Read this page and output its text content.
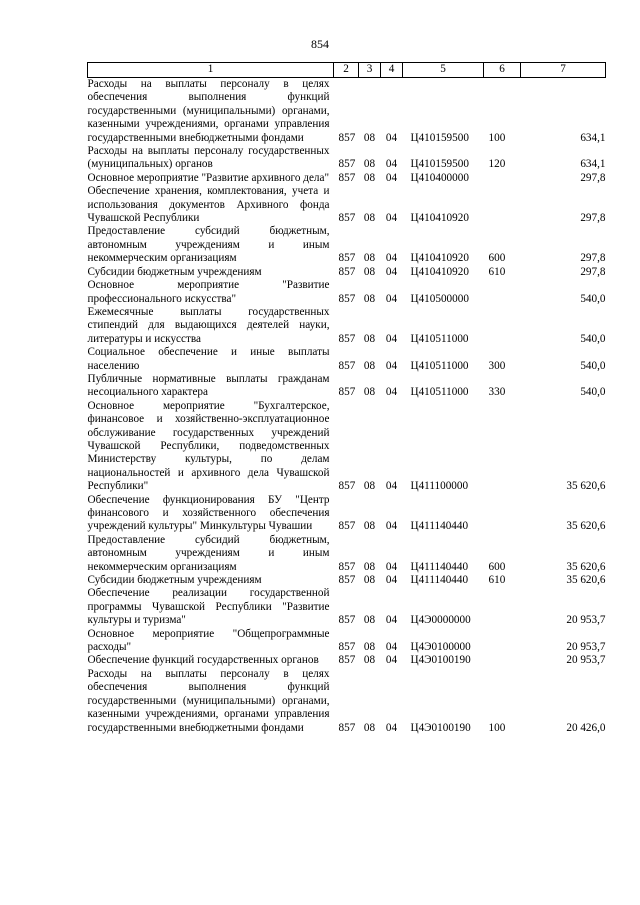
854
1	2	3	4	5	6	7
Расходы на выплаты персоналу в целях обеспечения выполнения функций государственными (муниципальными) органами, казенными учреждениями, органами управления государственными внебюджетными фондами	857	08	04	Ц410159500	100	634,1
Расходы на выплаты персоналу государственных (муниципальных) органов	857	08	04	Ц410159500	120	634,1
Основное мероприятие "Развитие архивного дела"	857	08	04	Ц410400000		297,8
Обеспечение хранения, комплектования, учета и использования документов Архивного фонда Чувашской Республики	857	08	04	Ц410410920		297,8
Предоставление субсидий бюджетным, автономным учреждениям и иным некоммерческим организациям	857	08	04	Ц410410920	600	297,8
Субсидии бюджетным учреждениям	857	08	04	Ц410410920	610	297,8
Основное мероприятие "Развитие профессионального искусства"	857	08	04	Ц410500000		540,0
Ежемесячные выплаты государственных стипендий для выдающихся деятелей науки, литературы и искусства	857	08	04	Ц410511000		540,0
Социальное обеспечение и иные выплаты населению	857	08	04	Ц410511000	300	540,0
Публичные нормативные выплаты гражданам несоциального характера	857	08	04	Ц410511000	330	540,0
Основное мероприятие "Бухгалтерское, финансовое и хозяйственно-эксплуатационное обслуживание государственных учреждений Чувашской Республики, подведомственных Министерству культуры, по делам национальностей и архивного дела Чувашской Республики"	857	08	04	Ц411100000		35 620,6
Обеспечение функционирования БУ "Центр финансового и хозяйственного обеспечения учреждений культуры" Минкультуры Чувашии	857	08	04	Ц411140440		35 620,6
Предоставление субсидий бюджетным, автономным учреждениям и иным некоммерческим организациям	857	08	04	Ц411140440	600	35 620,6
Субсидии бюджетным учреждениям	857	08	04	Ц411140440	610	35 620,6
Обеспечение реализации государственной программы Чувашской Республики "Развитие культуры и туризма"	857	08	04	Ц4Э0000000		20 953,7
Основное мероприятие "Общепрограммные расходы"	857	08	04	Ц4Э0100000		20 953,7
Обеспечение функций государственных органов	857	08	04	Ц4Э0100190		20 953,7
Расходы на выплаты персоналу в целях обеспечения выполнения функций государственными (муниципальными) органами, казенными учреждениями, органами управления государственными внебюджетными фондами	857	08	04	Ц4Э0100190	100	20 426,0
